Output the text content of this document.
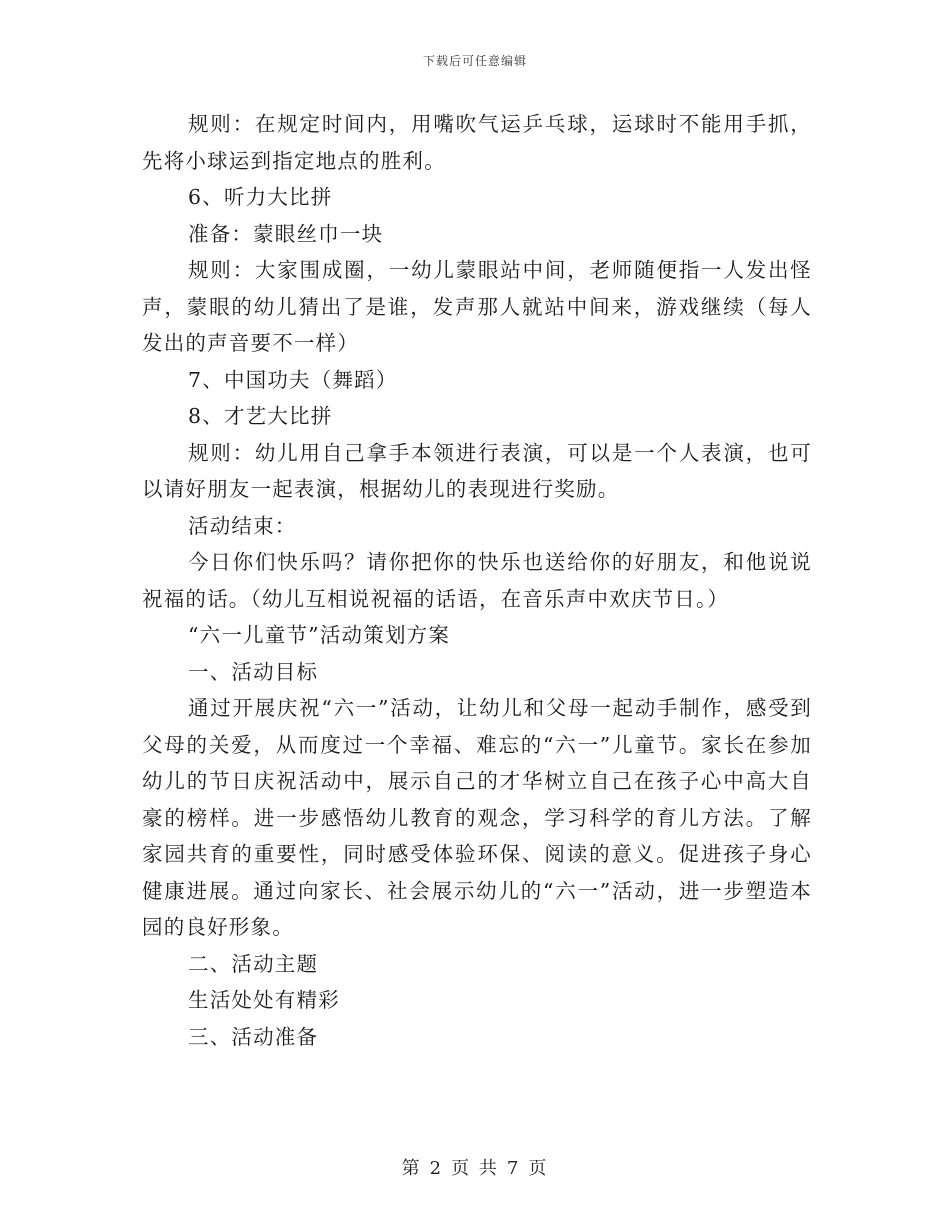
下载后可任意编辑

规则：在规定时间内，用嘴吹气运乒乓球，运球时不能用手抓，先将小球运到指定地点的胜利。

6、听力大比拼

准备：蒙眼丝巾一块

规则：大家围成圈，一幼儿蒙眼站中间，老师随便指一人发出怪声，蒙眼的幼儿猜出了是谁，发声那人就站中间来，游戏继续（每人发出的声音要不一样）

7、中国功夫（舞蹈）

8、才艺大比拼

规则：幼儿用自己拿手本领进行表演，可以是一个人表演，也可以请好朋友一起表演，根据幼儿的表现进行奖励。

活动结束：

今日你们快乐吗？请你把你的快乐也送给你的好朋友，和他说说祝福的话。（幼儿互相说祝福的话语，在音乐声中欢庆节日。）

“六一儿童节”活动策划方案

一、活动目标

通过开展庆祝“六一”活动，让幼儿和父母一起动手制作，感受到父母的关爱，从而度过一个幸福、难忘的“六一”儿童节。家长在参加幼儿的节日庆祝活动中，展示自己的才华树立自己在孩子心中高大自豪的榜样。进一步感悟幼儿教育的观念，学习科学的育儿方法。了解家园共育的重要性，同时感受体验环保、阅读的意义。促进孩子身心健康进展。通过向家长、社会展示幼儿的“六一”活动，进一步塑造本园的良好形象。

二、活动主题

生活处处有精彩

三、活动准备

第 2 页 共 7 页
